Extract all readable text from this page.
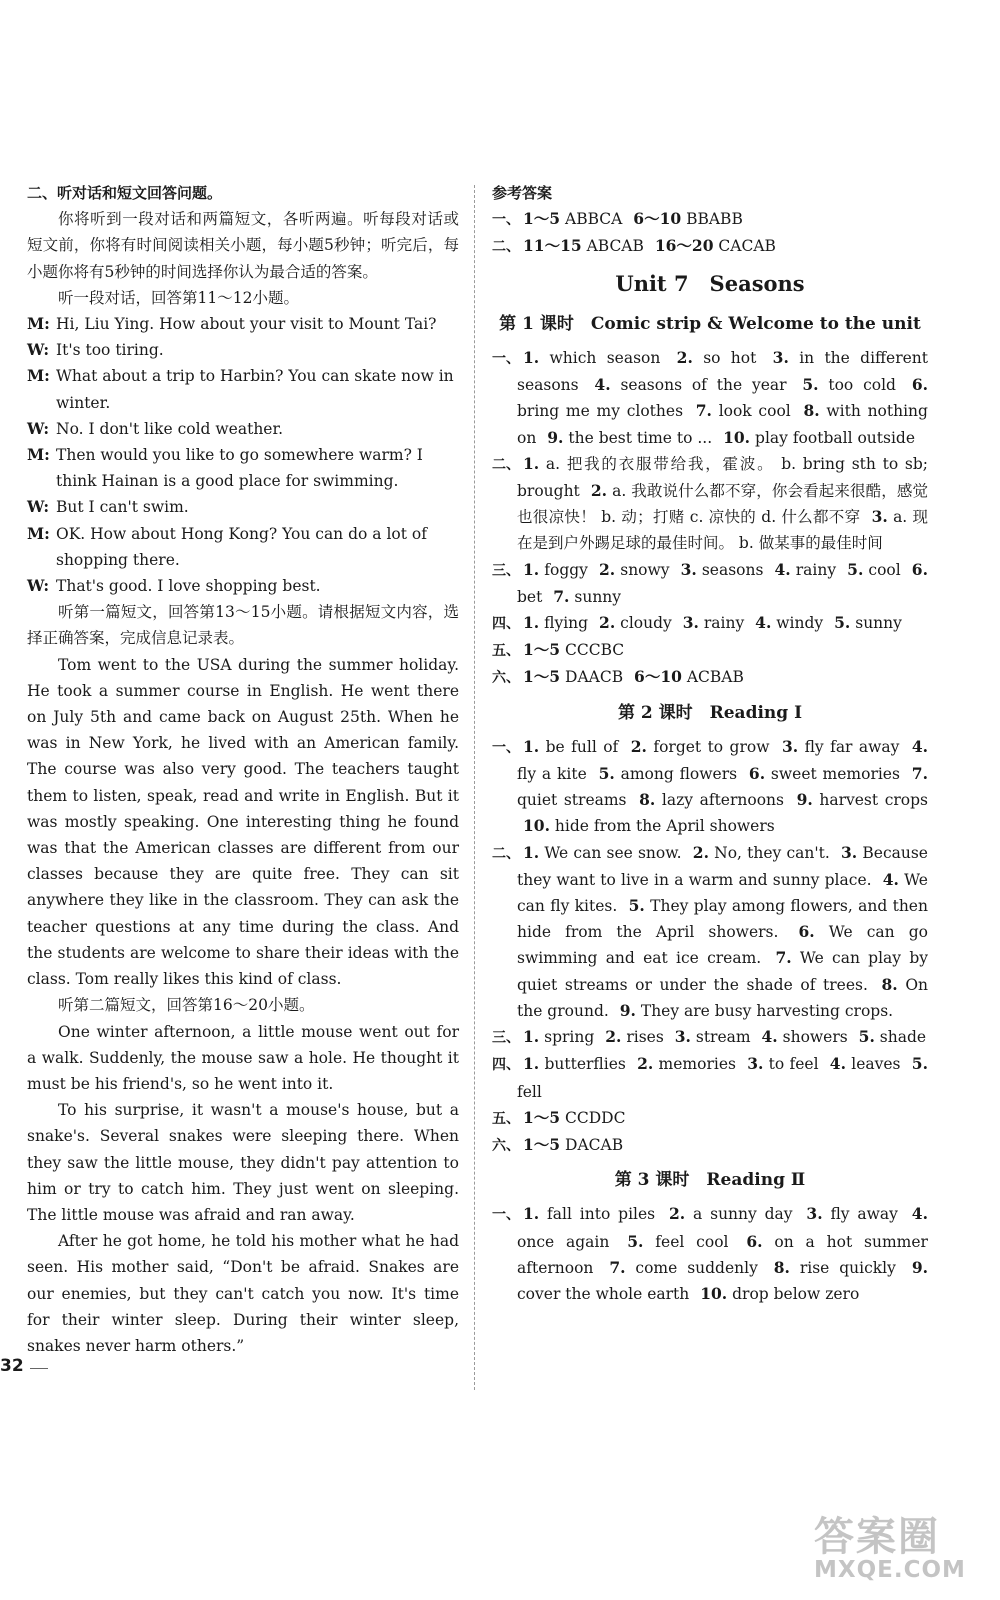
二、听对话和短文回答问题。

你将听到一段对话和两篇短文，各听两遍。听每段对话或短文前，你将有时间阅读相关小题，每小题5秒钟；听完后，每小题你将有5秒钟的时间选择你认为最合适的答案。

听一段对话，回答第11～12小题。

M: Hi, Liu Ying. How about your visit to Mount Tai?

W: It's too tiring.

M: What about a trip to Harbin? You can skate now in winter.

W: No. I don't like cold weather.

M: Then would you like to go somewhere warm? I think Hainan is a good place for swimming.

W: But I can't swim.

M: OK. How about Hong Kong? You can do a lot of shopping there.

W: That's good. I love shopping best.

听第一篇短文，回答第13～15小题。请根据短文内容，选择正确答案，完成信息记录表。

Tom went to the USA during the summer holiday. He took a summer course in English. He went there on July 5th and came back on August 25th. When he was in New York, he lived with an American family. The course was also very good. The teachers taught them to listen, speak, read and write in English. But it was mostly speaking. One interesting thing he found was that the American classes are different from our classes because they are quite free. They can sit anywhere they like in the classroom. They can ask the teacher questions at any time during the class. And the students are welcome to share their ideas with the class. Tom really likes this kind of class.

听第二篇短文，回答第16～20小题。

One winter afternoon, a little mouse went out for a walk. Suddenly, the mouse saw a hole. He thought it must be his friend's, so he went into it.

To his surprise, it wasn't a mouse's house, but a snake's. Several snakes were sleeping there. When they saw the little mouse, they didn't pay attention to him or try to catch him. They just went on sleeping. The little mouse was afraid and ran away.

After he got home, he told his mother what he had seen. His mother said, “Don't be afraid. Snakes are our enemies, but they can't catch you now. It's time for their winter sleep. During their winter sleep, snakes never harm others.”

参考答案

一、 1～5 ABBCA 6～10 BBABB

二、 11～15 ABCAB 16～20 CACAB

Unit 7　Seasons
第 1 课时　Comic strip & Welcome to the unit

一、 1. which season 2. so hot 3. in the different seasons 4. seasons of the year 5. too cold 6. bring me my clothes 7. look cool 8. with nothing on 9. the best time to ... 10. play football outside

二、 1. a. 把我的衣服带给我，霍波。 b. bring sth to sb; brought 2. a. 我敢说什么都不穿，你会看起来很酷，感觉也很凉快！ b. 动；打赌 c. 凉快的 d. 什么都不穿 3. a. 现在是到户外踢足球的最佳时间。 b. 做某事的最佳时间

三、 1. foggy 2. snowy 3. seasons 4. rainy 5. cool 6. bet 7. sunny

四、 1. flying 2. cloudy 3. rainy 4. windy 5. sunny

五、 1～5 CCCBC

六、 1～5 DAACB 6～10 ACBAB

第 2 课时　Reading Ⅰ

一、 1. be full of 2. forget to grow 3. fly far away 4. fly a kite 5. among flowers 6. sweet memories 7. quiet streams 8. lazy afternoons 9. harvest crops 10. hide from the April showers

二、 1. We can see snow. 2. No, they can't. 3. Because they want to live in a warm and sunny place. 4. We can fly kites. 5. They play among flowers, and then hide from the April showers. 6. We can go swimming and eat ice cream. 7. We can play by quiet streams or under the shade of trees. 8. On the ground. 9. They are busy harvesting crops.

三、 1. spring 2. rises 3. stream 4. showers 5. shade

四、 1. butterflies 2. memories 3. to feel 4. leaves 5. fell

五、 1～5 CCDDC

六、 1～5 DACAB

第 3 课时　Reading Ⅱ

一、 1. fall into piles 2. a sunny day 3. fly away 4. once again 5. feel cool 6. on a hot summer afternoon 7. come suddenly 8. rise quickly 9. cover the whole earth 10. drop below zero

32
答案圈
MXQE.COM
